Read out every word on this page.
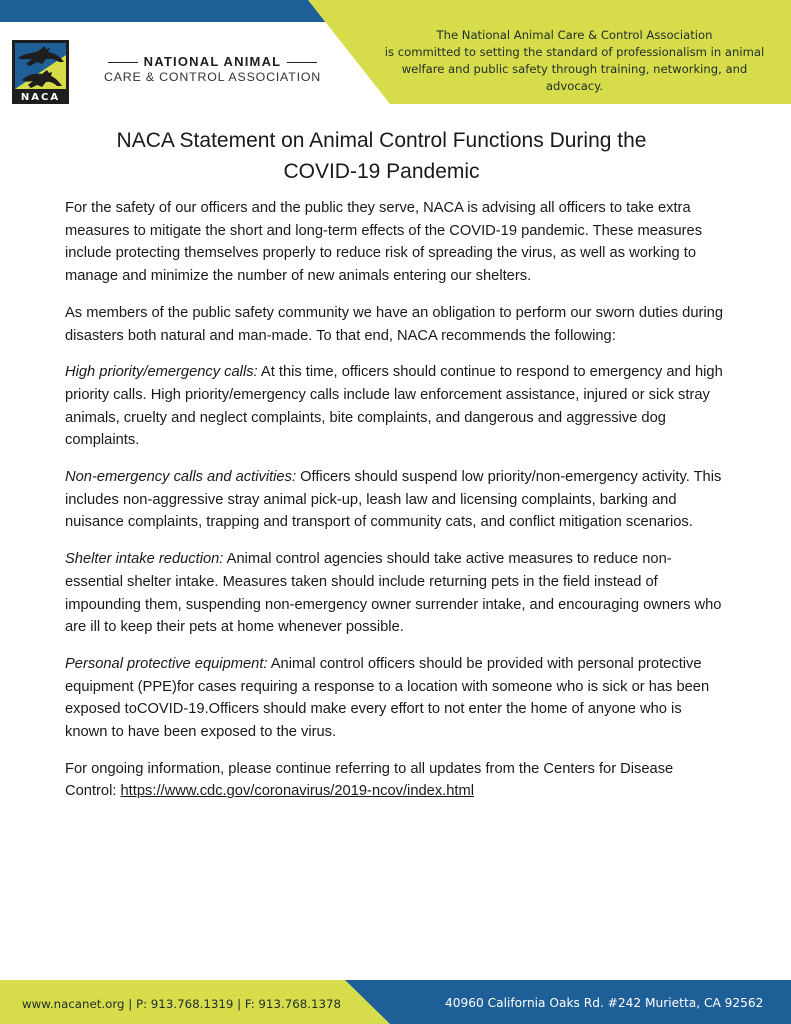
NACA
NATIONAL ANIMAL
CARE & CONTROL ASSOCIATION
The National Animal Care & Control Association
is committed to setting the standard of professionalism in animal
welfare and public safety through training, networking, and advocacy.
NACA Statement on Animal Control Functions During the
COVID-19 Pandemic

For the safety of our officers and the public they serve, NACA is advising all officers to take extra measures to mitigate the short and long-term effects of the COVID-19 pandemic. These measures include protecting themselves properly to reduce risk of spreading the virus, as well as working to manage and minimize the number of new animals entering our shelters.

As members of the public safety community we have an obligation to perform our sworn duties during disasters both natural and man-made. To that end, NACA recommends the following:

High priority/emergency calls: At this time, officers should continue to respond to emergency and high priority calls. High priority/emergency calls include law enforcement assistance, injured or sick stray animals, cruelty and neglect complaints, bite complaints, and dangerous and aggressive dog complaints.

Non-emergency calls and activities: Officers should suspend low priority/non-emergency activity. This includes non-aggressive stray animal pick-up, leash law and licensing complaints, barking and nuisance complaints, trapping and transport of community cats, and conflict mitigation scenarios.

Shelter intake reduction: Animal control agencies should take active measures to reduce non-essential shelter intake. Measures taken should include returning pets in the field instead of impounding them, suspending non-emergency owner surrender intake, and encouraging owners who are ill to keep their pets at home whenever possible.

Personal protective equipment: Animal control officers should be provided with personal protective equipment (PPE)for cases requiring a response to a location with someone who is sick or has been exposed toCOVID-19.Officers should make every effort to not enter the home of anyone who is known to have been exposed to the virus.

For ongoing information, please continue referring to all updates from the Centers for Disease Control: https://www.cdc.gov/coronavirus/2019-ncov/index.html

www.nacanet.org | P: 913.768.1319 | F: 913.768.1378	40960 California Oaks Rd. #242 Murietta, CA 92562
